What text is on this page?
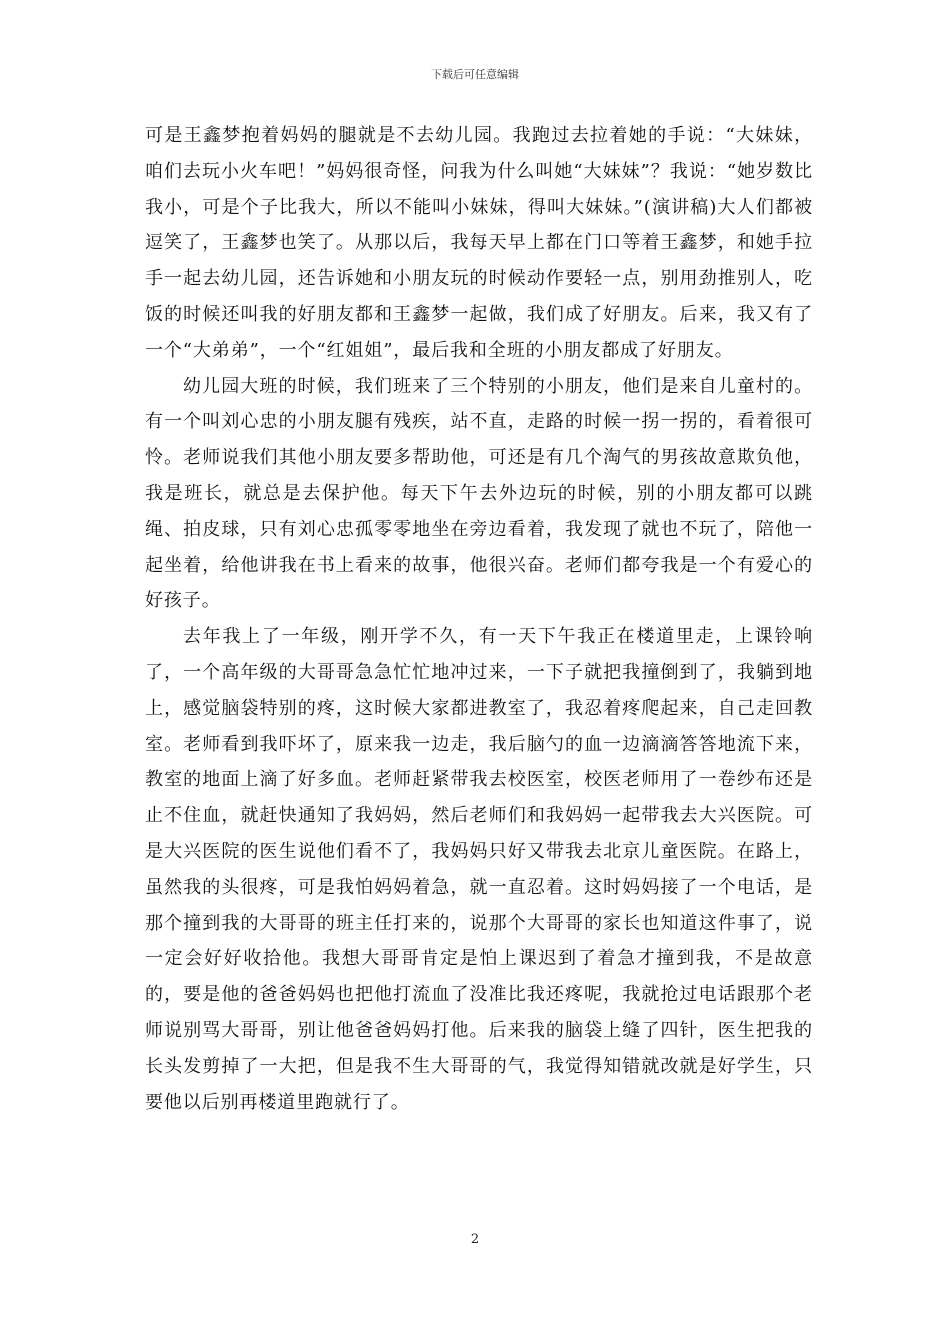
下载后可任意编辑

可是王鑫梦抱着妈妈的腿就是不去幼儿园。我跑过去拉着她的手说：“大妹妹，咱们去玩小火车吧！”妈妈很奇怪，问我为什么叫她“大妹妹”？我说：“她岁数比我小，可是个子比我大，所以不能叫小妹妹，得叫大妹妹。”(演讲稿)大人们都被逗笑了，王鑫梦也笑了。从那以后，我每天早上都在门口等着王鑫梦，和她手拉手一起去幼儿园，还告诉她和小朋友玩的时候动作要轻一点，别用劲推别人，吃饭的时候还叫我的好朋友都和王鑫梦一起做，我们成了好朋友。后来，我又有了一个“大弟弟”，一个“红姐姐”，最后我和全班的小朋友都成了好朋友。

幼儿园大班的时候，我们班来了三个特别的小朋友，他们是来自儿童村的。有一个叫刘心忠的小朋友腿有残疾，站不直，走路的时候一拐一拐的，看着很可怜。老师说我们其他小朋友要多帮助他，可还是有几个淘气的男孩故意欺负他，我是班长，就总是去保护他。每天下午去外边玩的时候，别的小朋友都可以跳绳、拍皮球，只有刘心忠孤零零地坐在旁边看着，我发现了就也不玩了，陪他一起坐着，给他讲我在书上看来的故事，他很兴奋。老师们都夸我是一个有爱心的好孩子。

去年我上了一年级，刚开学不久，有一天下午我正在楼道里走，上课铃响了，一个高年级的大哥哥急急忙忙地冲过来，一下子就把我撞倒到了，我躺到地上，感觉脑袋特别的疼，这时候大家都进教室了，我忍着疼爬起来，自己走回教室。老师看到我吓坏了，原来我一边走，我后脑勺的血一边滴滴答答地流下来，教室的地面上滴了好多血。老师赶紧带我去校医室，校医老师用了一卷纱布还是止不住血，就赶快通知了我妈妈，然后老师们和我妈妈一起带我去大兴医院。可是大兴医院的医生说他们看不了，我妈妈只好又带我去北京儿童医院。在路上，虽然我的头很疼，可是我怕妈妈着急，就一直忍着。这时妈妈接了一个电话，是那个撞到我的大哥哥的班主任打来的，说那个大哥哥的家长也知道这件事了，说一定会好好收拾他。我想大哥哥肯定是怕上课迟到了着急才撞到我，不是故意的，要是他的爸爸妈妈也把他打流血了没准比我还疼呢，我就抢过电话跟那个老师说别骂大哥哥，别让他爸爸妈妈打他。后来我的脑袋上缝了四针，医生把我的长头发剪掉了一大把，但是我不生大哥哥的气，我觉得知错就改就是好学生，只要他以后别再楼道里跑就行了。

2
